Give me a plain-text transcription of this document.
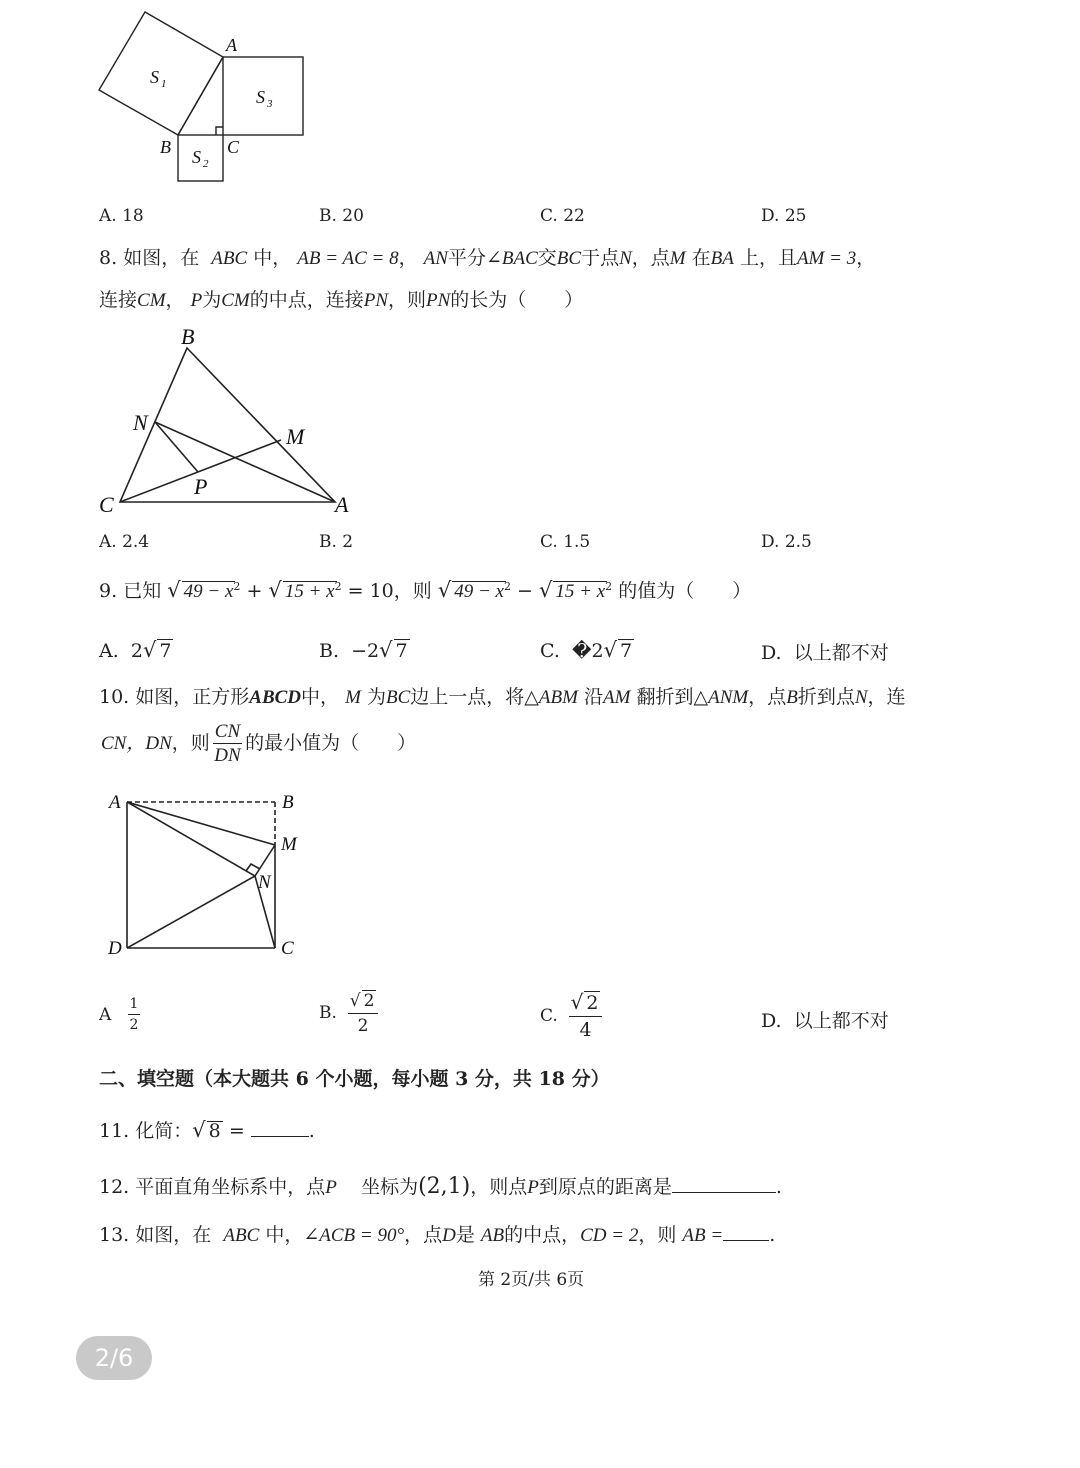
A
B	C
S 1
S 3
S 2
A. 18	B. 20	C. 22	D. 25
8. 如图，在 ABC 中， AB = AC = 8， AN平分∠BAC交BC于点N，点M 在BA 上，且AM = 3，
连接CM， P为CM的中点，连接PN，则PN的长为（　　）
B
N
M
P
C	A
A. 2.4	B. 2	C. 1.5	D. 2.5
9. 已知 √ $49 - x^2$ + √ $15 + x^2 = 10$，则 √ $49 - x^2$ − √ $15 + x^2$ 的值为（　　）
A. 2√ 7	B. −2√ 7	C. �2√ 7	D. 以上都不对
10. 如图，正方形ABCD中， M 为BC边上一点，将△ABM 沿AM 翻折到△ANM，点B折到点N，连
CN，DN ，则 $\frac{CN}{DN}$ 的最小值为（　　）
A	B
M
N
D	C
A
$\frac{1}{2}$	B.
$\frac{√ 2}{2}$	C.
$\frac{√ 2}{4}$	D. 以上都不对
二、填空题（本大题共 6 个小题，每小题 3 分，共 18 分）
11. 化简：√ 8 =	.
12. 平面直角坐标系中，点P 坐标为(2,1)，则点P到原点的距离是	.
13. 如图，在 ABC 中，∠ACB = 90°，点D是 AB的中点，CD = 2，则 AB = .
第 2页/共 6页
2/6
